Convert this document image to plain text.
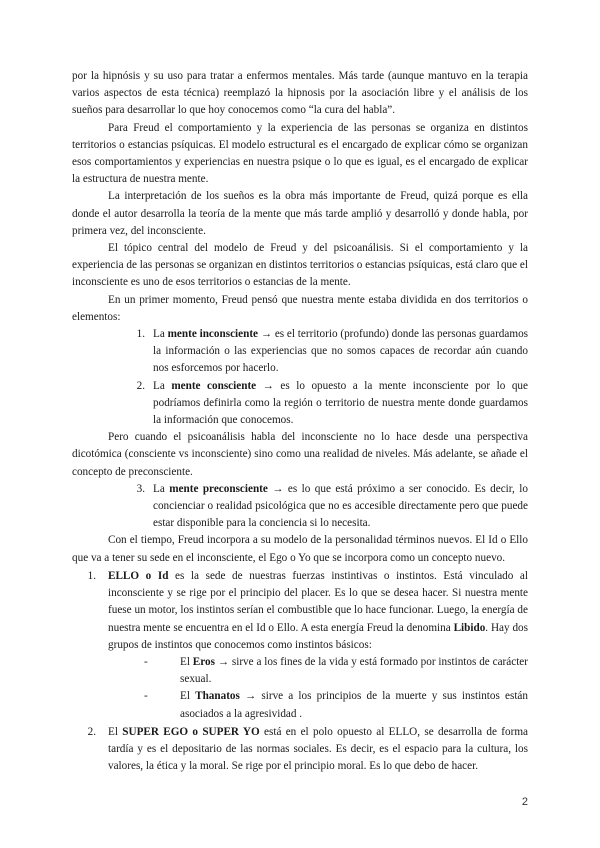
por la hipnósis y su uso para tratar a enfermos mentales. Más tarde (aunque mantuvo en la terapia varios aspectos de esta técnica) reemplazó la hipnosis por la asociación libre y el análisis de los sueños para desarrollar lo que hoy conocemos como “la cura del habla”.

Para Freud el comportamiento y la experiencia de las personas se organiza en distintos territorios o estancias psíquicas. El modelo estructural es el encargado de explicar cómo se organizan esos comportamientos y experiencias en nuestra psique o lo que es igual, es el encargado de explicar la estructura de nuestra mente.

La interpretación de los sueños es la obra más importante de Freud, quizá porque es ella donde el autor desarrolla la teoría de la mente que más tarde amplió y desarrolló y donde habla, por primera vez, del inconsciente.

El tópico central del modelo de Freud y del psicoanálisis. Si el comportamiento y la experiencia de las personas se organizan en distintos territorios o estancias psíquicas, está claro que el inconsciente es uno de esos territorios o estancias de la mente.

En un primer momento, Freud pensó que nuestra mente estaba dividida en dos territorios o elementos:

1. La mente inconsciente → es el territorio (profundo) donde las personas guardamos la información o las experiencias que no somos capaces de recordar aún cuando nos esforcemos por hacerlo.
2. La mente consciente → es lo opuesto a la mente inconsciente por lo que podríamos definirla como la región o territorio de nuestra mente donde guardamos la información que conocemos.

Pero cuando el psicoanálisis habla del inconsciente no lo hace desde una perspectiva dicotómica (consciente vs inconsciente) sino como una realidad de niveles. Más adelante, se añade el concepto de preconsciente.

3. La mente preconsciente → es lo que está próximo a ser conocido. Es decir, lo concienciar o realidad psicológica que no es accesible directamente pero que puede estar disponible para la conciencia si lo necesita.

Con el tiempo, Freud incorpora a su modelo de la personalidad términos nuevos. El Id o Ello que va a tener su sede en el inconsciente, el Ego o Yo que se incorpora como un concepto nuevo.

1.	ELLO o Id es la sede de nuestras fuerzas instintivas o instintos. Está vinculado al inconsciente y se rige por el principio del placer. Es lo que se desea hacer. Si nuestra mente fuese un motor, los instintos serían el combustible que lo hace funcionar. Luego, la energía de nuestra mente se encuentra en el Id o Ello. A esta energía Freud la denomina Libido. Hay dos grupos de instintos que conocemos como instintos básicos:
-	El Eros → sirve a los fines de la vida y está formado por instintos de carácter sexual.
-	El Thanatos → sirve a los principios de la muerte y sus instintos están asociados a la agresividad .
2.	El SUPER EGO o SUPER YO está en el polo opuesto al ELLO, se desarrolla de forma tardía y es el depositario de las normas sociales. Es decir, es el espacio para la cultura, los valores, la ética y la moral. Se rige por el principio moral. Es lo que debo de hacer.
2
